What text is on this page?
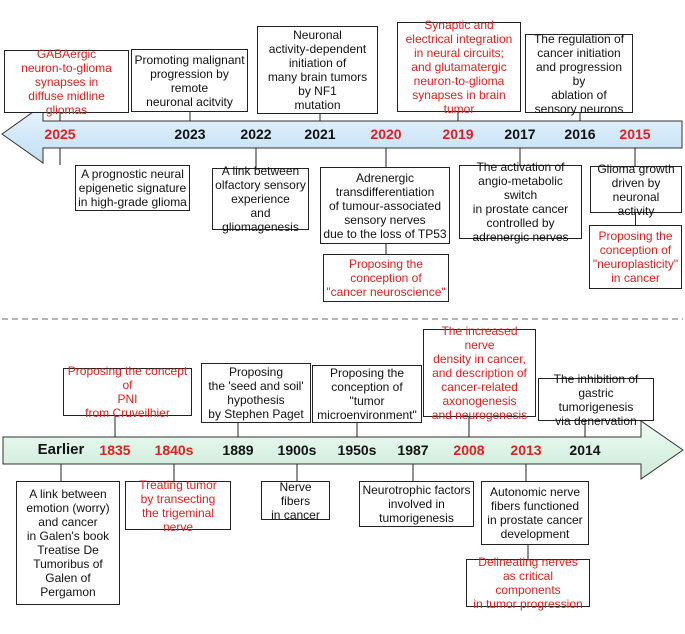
2025	2023 2022 2021 2020	2019 2017 2016 2015
GABAergic
neuron-to-glioma
synapses in
diffuse midline gliomas
Promoting malignant
progression by
remote
neuronal acitvity
Neuronal
activity-dependent
initiation of
many brain tumors
by NF1
mutation
Synaptic and
electrical integration
in neural circuits;
and glutamatergic
neuron-to-glioma
synapses in brain tumor
The regulation of
cancer initiation
and progression by
ablation of
sensory neurons
A prognostic neural
epigenetic signature
in high-grade glioma
A link between
olfactory sensory
experience
and gliomagenesis
Adrenergic
transdifferentiation
of tumour-associated
sensory nerves
due to the loss of TP53
The activation of
angio-metabolic switch
in prostate cancer
controlled by
adrenergic nerves
Glioma growth
driven by
neuronal activity
Proposing the
conception of
"cancer neuroscience"
Proposing the
conception of
"neuroplasticity"
in cancer
Earlier 1835 1840s 1889 1900s 1950s 1987 2008 2013 2014
Proposing the concept of
PNI
from Cruveilhier
Proposing
the 'seed and soil'
hypothesis
by Stephen Paget
Proposing the
conception of
"tumor
microenvironment"
The increased nerve
density in cancer,
and description of
cancer-related
axonogenesis
and neurogenesis
The inhibition of
gastric tumorigenesis
via denervation
A link between
emotion (worry)
and cancer
in Galen's book
Treatise De
Tumoribus of
Galen of
Pergamon
Treating tumor
by transecting
the trigeminal nerve
Nerve fibers
in cancer
Neurotrophic factors
involved in
tumorigenesis
Autonomic nerve
fibers functioned
in prostate cancer
development
Delineating nerves
as critical components
in tumor progression
